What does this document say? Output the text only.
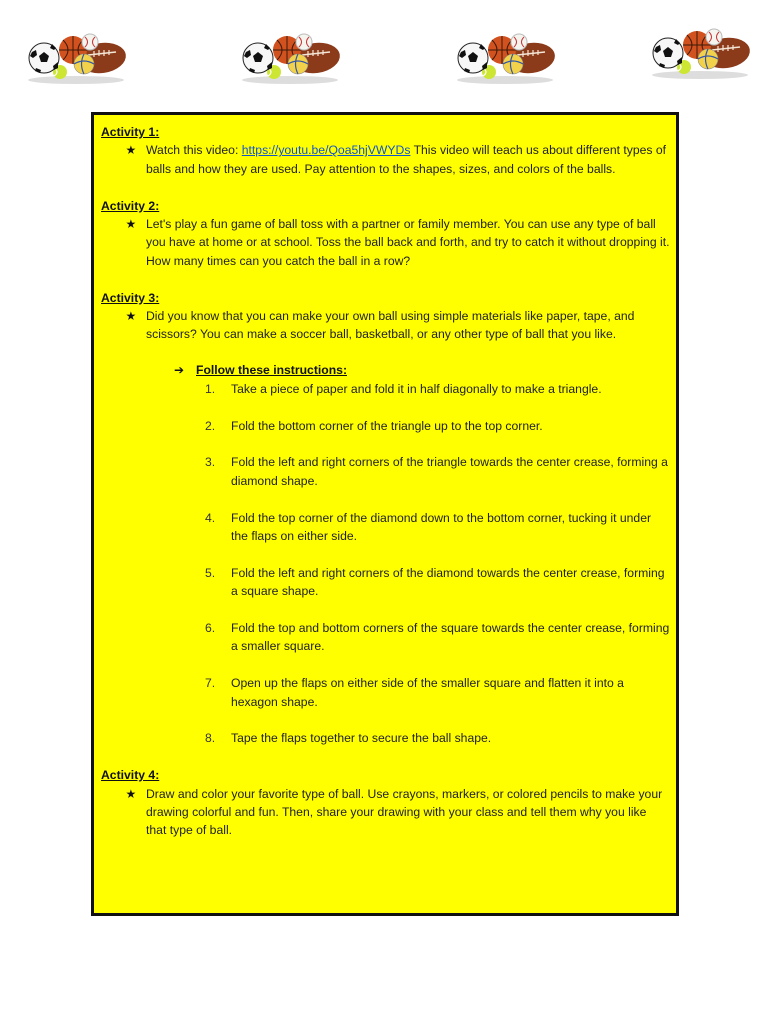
Activity 1:
★ Watch this video: https://youtu.be/Qoa5hjVWYDs This video will teach us about different types of balls and how they are used. Pay attention to the shapes, sizes, and colors of the balls.
Activity 2:
★ Let's play a fun game of ball toss with a partner or family member. You can use any type of ball you have at home or at school. Toss the ball back and forth, and try to catch it without dropping it. How many times can you catch the ball in a row?
Activity 3:
★ Did you know that you can make your own ball using simple materials like paper, tape, and scissors? You can make a soccer ball, basketball, or any other type of ball that you like.
➔ Follow these instructions:
1.	Take a piece of paper and fold it in half diagonally to make a triangle.
2.	Fold the bottom corner of the triangle up to the top corner.
3.	Fold the left and right corners of the triangle towards the center crease, forming a diamond shape.
4.	Fold the top corner of the diamond down to the bottom corner, tucking it under the flaps on either side.
5.	Fold the left and right corners of the diamond towards the center crease, forming a square shape.
6.	Fold the top and bottom corners of the square towards the center crease, forming a smaller square.
7.	Open up the flaps on either side of the smaller square and flatten it into a hexagon shape.
8.	Tape the flaps together to secure the ball shape.
Activity 4:
★ Draw and color your favorite type of ball. Use crayons, markers, or colored pencils to make your drawing colorful and fun. Then, share your drawing with your class and tell them why you like that type of ball.
